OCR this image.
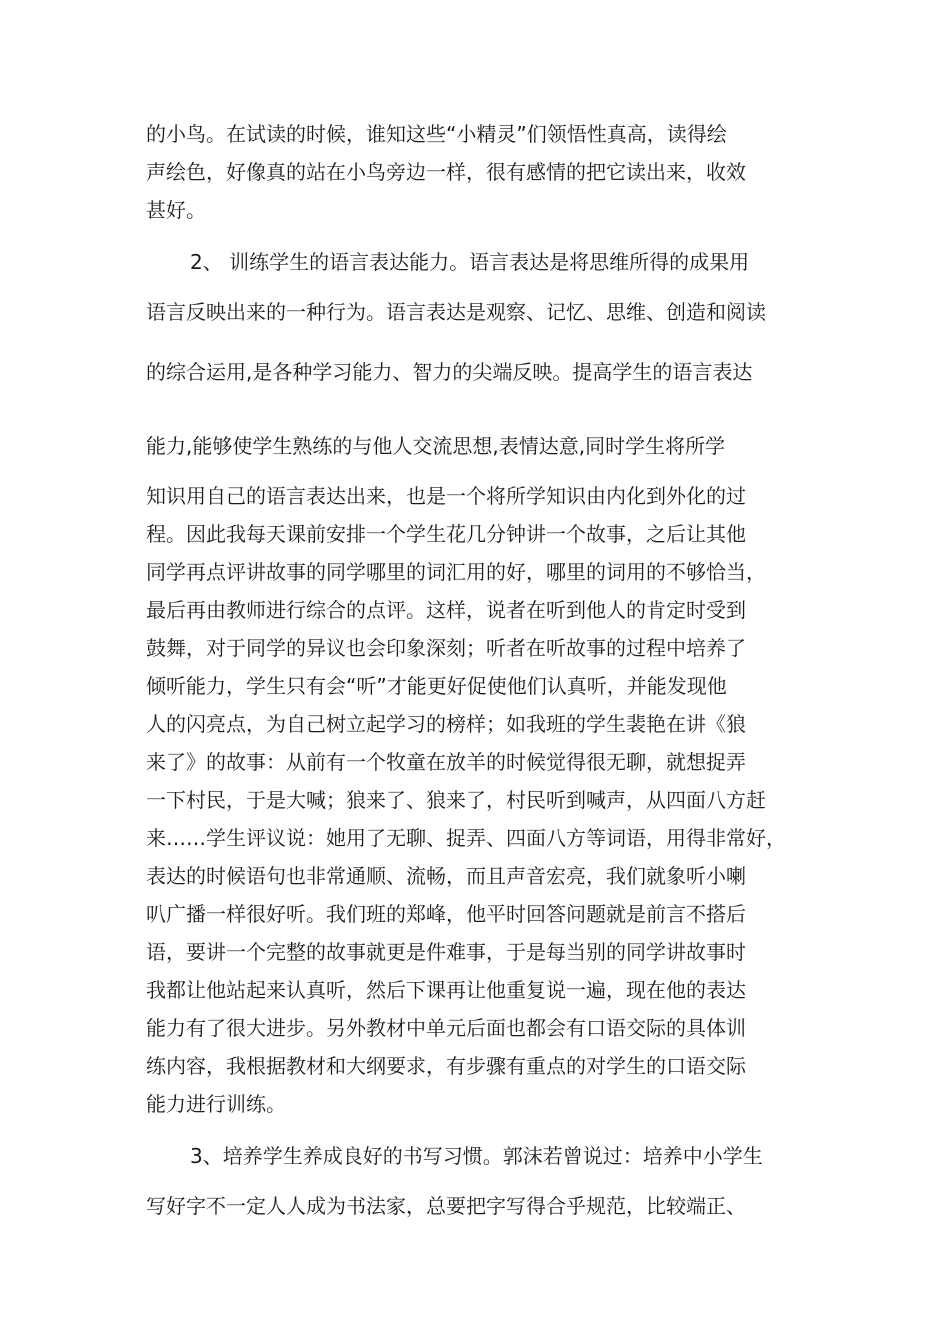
的小鸟。在试读的时候，谁知这些“小精灵”们领悟性真高，读得绘
声绘色，好像真的站在小鸟旁边一样，很有感情的把它读出来，收效
甚好。
2、 训练学生的语言表达能力。语言表达是将思维所得的成果用
语言反映出来的一种行为。语言表达是观察、记忆、思维、创造和阅读
的综合运用,是各种学习能力、智力的尖端反映。提高学生的语言表达
能力,能够使学生熟练的与他人交流思想,表情达意,同时学生将所学
知识用自己的语言表达出来，也是一个将所学知识由内化到外化的过
程。因此我每天课前安排一个学生花几分钟讲一个故事，之后让其他
同学再点评讲故事的同学哪里的词汇用的好，哪里的词用的不够恰当，
最后再由教师进行综合的点评。这样，说者在听到他人的肯定时受到
鼓舞，对于同学的异议也会印象深刻；听者在听故事的过程中培养了
倾听能力，学生只有会“听”才能更好促使他们认真听，并能发现他
人的闪亮点，为自己树立起学习的榜样；如我班的学生裴艳在讲《狼
来了》的故事：从前有一个牧童在放羊的时候觉得很无聊，就想捉弄
一下村民，于是大喊；狼来了、狼来了，村民听到喊声，从四面八方赶
来……学生评议说：她用了无聊、捉弄、四面八方等词语，用得非常好，
表达的时候语句也非常通顺、流畅，而且声音宏亮，我们就象听小喇
叭广播一样很好听。我们班的郑峰，他平时回答问题就是前言不搭后
语，要讲一个完整的故事就更是件难事，于是每当别的同学讲故事时
我都让他站起来认真听，然后下课再让他重复说一遍，现在他的表达
能力有了很大进步。另外教材中单元后面也都会有口语交际的具体训
练内容，我根据教材和大纲要求，有步骤有重点的对学生的口语交际
能力进行训练。
3、培养学生养成良好的书写习惯。郭沫若曾说过：培养中小学生
写好字不一定人人成为书法家，总要把字写得合乎规范，比较端正、
